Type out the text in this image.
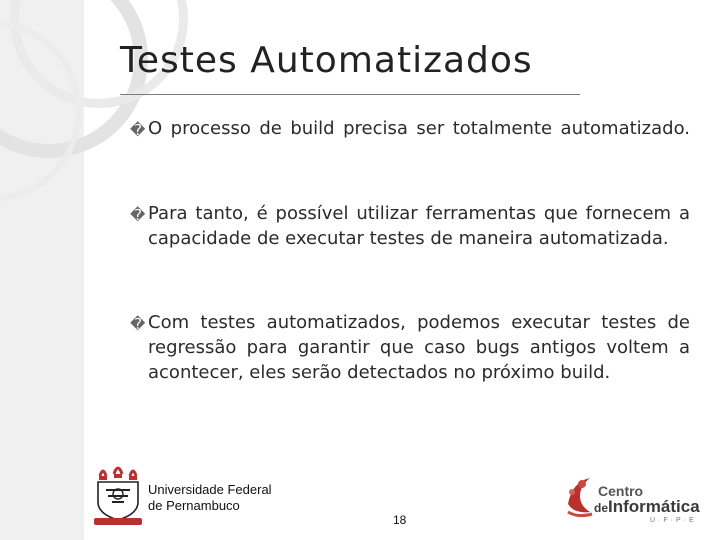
Testes Automatizados
� O processo de build precisa ser totalmente automatizado.
� Para tanto, é possível utilizar ferramentas que fornecem a capacidade de executar testes de maneira automatizada.
� Com testes automatizados, podemos executar testes de regressão para garantir que caso bugs antigos voltem a acontecer, eles serão detectados no próximo build.
Universidade Federal
de Pernambuco
18
Centro
deInformática
U·F·P·E
